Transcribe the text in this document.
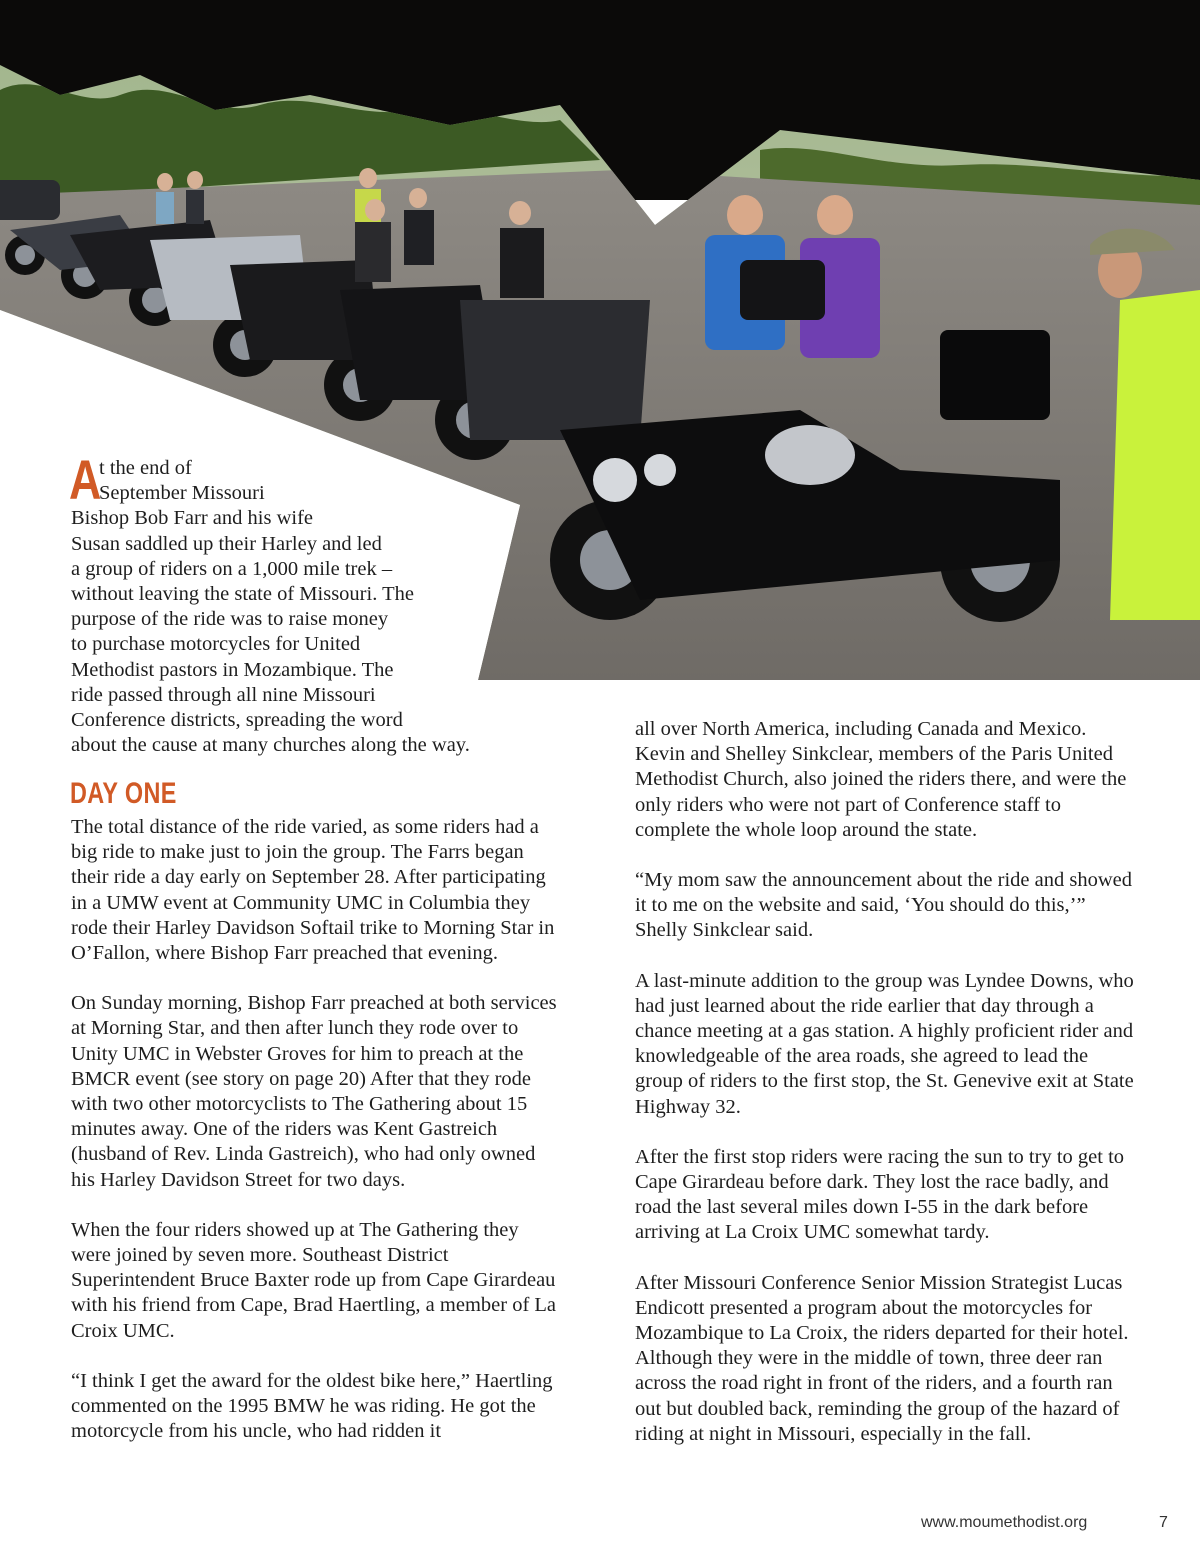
A
t the end of
September Missouri
Bishop Bob Farr and his wife
Susan saddled up their Harley and led
a group of riders on a 1,000 mile trek –
without leaving the state of Missouri. The
purpose of the ride was to raise money
to purchase motorcycles for United
Methodist pastors in Mozambique. The
ride passed through all nine Missouri
Conference districts, spreading the word
about the cause at many churches along the way.
DAY ONE

The total distance of the ride varied, as some riders had a big ride to make just to join the group. The Farrs began their ride a day early on September 28. After participating in a UMW event at Community UMC in Columbia they rode their Harley Davidson Softail trike to Morning Star in O’Fallon, where Bishop Farr preached that evening.

On Sunday morning, Bishop Farr preached at both services at Morning Star, and then after lunch they rode over to Unity UMC in Webster Groves for him to preach at the BMCR event (see story on page 20) After that they rode with two other motorcyclists to The Gathering about 15 minutes away. One of the riders was Kent Gastreich (husband of Rev. Linda Gastreich), who had only owned his Harley Davidson Street for two days.

When the four riders showed up at The Gathering they were joined by seven more. Southeast District Superintendent Bruce Baxter rode up from Cape Girardeau with his friend from Cape, Brad Haertling, a member of La Croix UMC.

“I think I get the award for the oldest bike here,” Haertling commented on the 1995 BMW he was riding. He got the motorcycle from his uncle, who had ridden it

all over North America, including Canada and Mexico. Kevin and Shelley Sinkclear, members of the Paris United Methodist Church, also joined the riders there, and were the only riders who were not part of Conference staff to complete the whole loop around the state.

“My mom saw the announcement about the ride and showed it to me on the website and said, ‘You should do this,’” Shelly Sinkclear said.

A last-minute addition to the group was Lyndee Downs, who had just learned about the ride earlier that day through a chance meeting at a gas station. A highly proficient rider and knowledgeable of the area roads, she agreed to lead the group of riders to the first stop, the St. Genevive exit at State Highway 32.

After the first stop riders were racing the sun to try to get to Cape Girardeau before dark. They lost the race badly, and road the last several miles down I-55 in the dark before arriving at La Croix UMC somewhat tardy.

After Missouri Conference Senior Mission Strategist Lucas Endicott presented a program about the motorcycles for Mozambique to La Croix, the riders departed for their hotel. Although they were in the middle of town, three deer ran across the road right in front of the riders, and a fourth ran out but doubled back, reminding the group of the hazard of riding at night in Missouri, especially in the fall.

www.moumethodist.org	7
